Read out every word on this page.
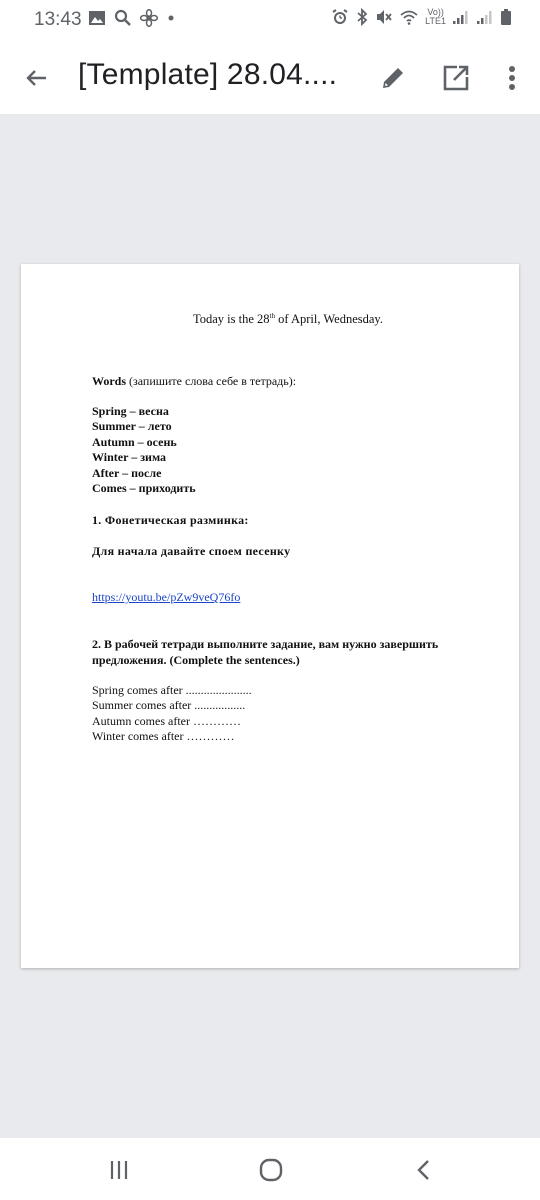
13:43	Vo))
LTE1
[Template] 28.04....
Today is the 28th of April, Wednesday.
Words (запишите слова себе в тетрадь):
Spring – весна
Summer – лето
Autumn – осень
Winter – зима
After – после
Comes – приходить
1. Фонетическая разминка:
Для начала давайте споем песенку
https://youtu.be/pZw9veQ76fo
2. В рабочей тетради выполните задание, вам нужно завершить предложения. (Complete the sentences.)
Spring comes after ......................
Summer comes after .................
Autumn comes after …………
Winter comes after …………
